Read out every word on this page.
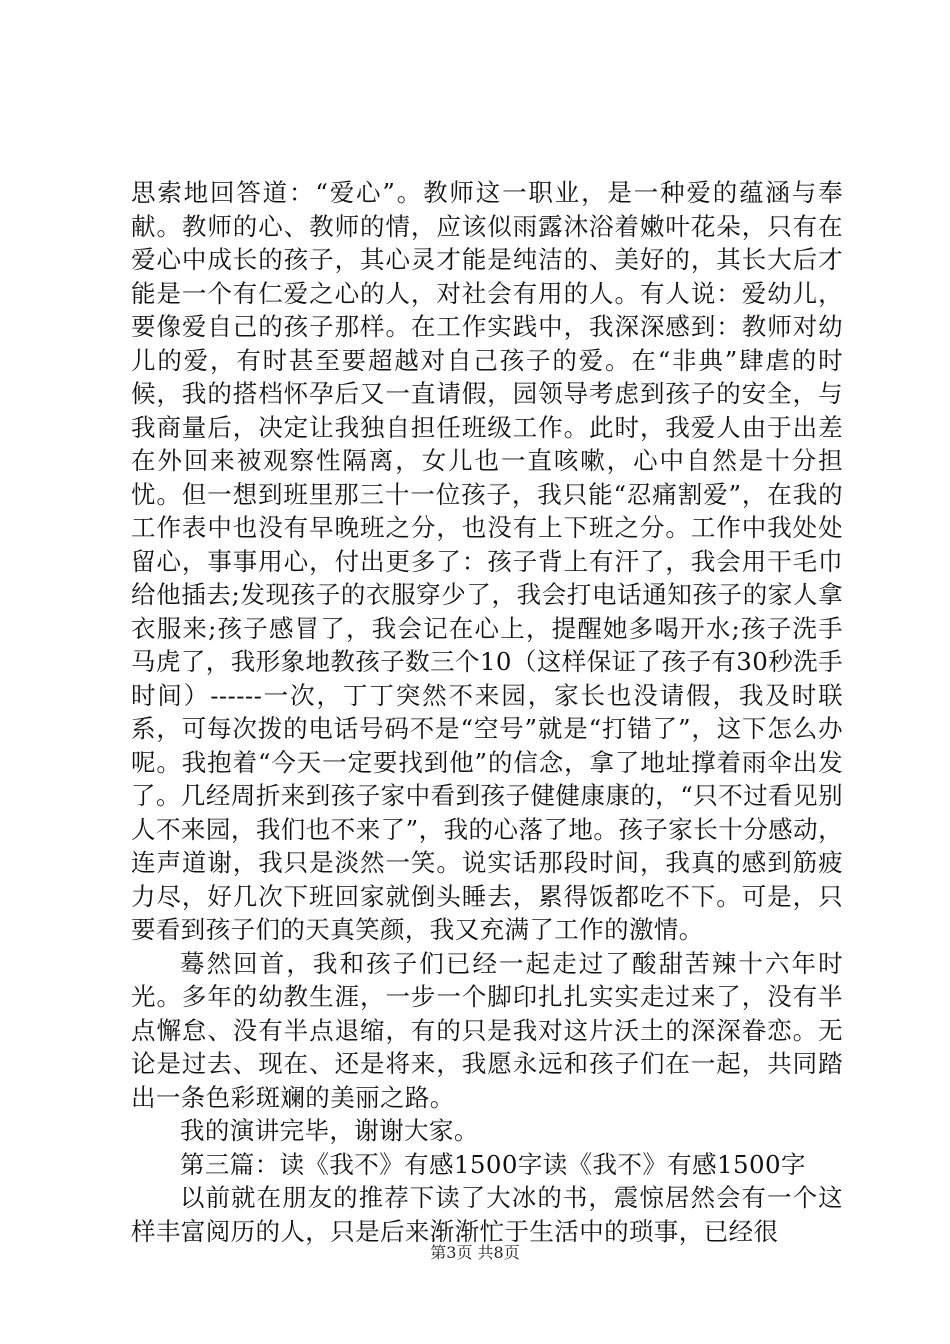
思索地回答道：“爱心”。教师这一职业，是一种爱的蕴涵与奉献。教师的心、教师的情，应该似雨露沐浴着嫩叶花朵，只有在爱心中成长的孩子，其心灵才能是纯洁的、美好的，其长大后才能是一个有仁爱之心的人，对社会有用的人。有人说：爱幼儿，要像爱自己的孩子那样。在工作实践中，我深深感到：教师对幼儿的爱，有时甚至要超越对自己孩子的爱。在“非典”肆虐的时候，我的搭档怀孕后又一直请假，园领导考虑到孩子的安全，与我商量后，决定让我独自担任班级工作。此时，我爱人由于出差在外回来被观察性隔离，女儿也一直咳嗽，心中自然是十分担忧。但一想到班里那三十一位孩子，我只能“忍痛割爱”，在我的工作表中也没有早晚班之分，也没有上下班之分。工作中我处处留心，事事用心，付出更多了：孩子背上有汗了，我会用干毛巾给他插去;发现孩子的衣服穿少了，我会打电话通知孩子的家人拿衣服来;孩子感冒了，我会记在心上，提醒她多喝开水;孩子洗手马虎了，我形象地教孩子数三个10（这样保证了孩子有30秒洗手时间）------一次，丁丁突然不来园，家长也没请假，我及时联系，可每次拨的电话号码不是“空号”就是“打错了”，这下怎么办呢。我抱着“今天一定要找到他”的信念，拿了地址撑着雨伞出发了。几经周折来到孩子家中看到孩子健健康康的，“只不过看见别人不来园，我们也不来了”，我的心落了地。孩子家长十分感动，连声道谢，我只是淡然一笑。说实话那段时间，我真的感到筋疲力尽，好几次下班回家就倒头睡去，累得饭都吃不下。可是，只要看到孩子们的天真笑颜，我又充满了工作的激情。

蓦然回首，我和孩子们已经一起走过了酸甜苦辣十六年时光。多年的幼教生涯，一步一个脚印扎扎实实走过来了，没有半点懈怠、没有半点退缩，有的只是我对这片沃土的深深眷恋。无论是过去、现在、还是将来，我愿永远和孩子们在一起，共同踏出一条色彩斑斓的美丽之路。

我的演讲完毕，谢谢大家。

第三篇：读《我不》有感1500字读《我不》有感1500字

以前就在朋友的推荐下读了大冰的书，震惊居然会有一个这样丰富阅历的人，只是后来渐渐忙于生活中的琐事，已经很

第3页 共8页
